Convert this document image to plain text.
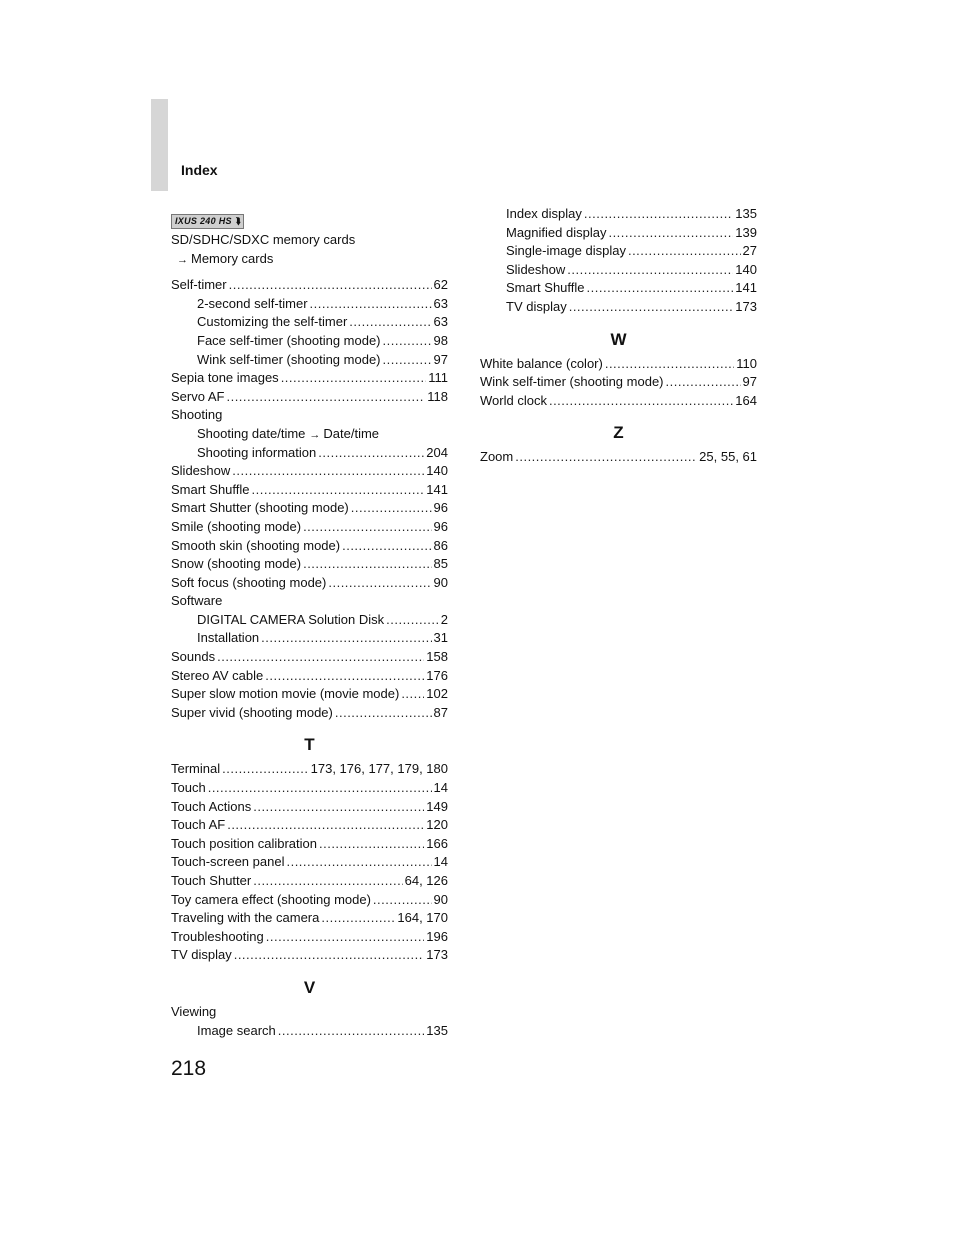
Index
IXUS 240 HS ⮯
SD/SDHC/SDXC memory cards
→ Memory cards
Self-timer .....	62
2-second self-timer .....	63
Customizing the self-timer .....	63
Face self-timer (shooting mode) .....	98
Wink self-timer (shooting mode) .....	97
Sepia tone images .....	111
Servo AF .....	118
Shooting
Shooting date/time → Date/time
Shooting information .....	204
Slideshow .....	140
Smart Shuffle .....	141
Smart Shutter (shooting mode) .....	96
Smile (shooting mode) .....	96
Smooth skin (shooting mode) .....	86
Snow (shooting mode) .....	85
Soft focus (shooting mode) .....	90
Software
DIGITAL CAMERA Solution Disk .....	2
Installation .....	31
Sounds .....	158
Stereo AV cable .....	176
Super slow motion movie (movie mode) ..... 102
Super vivid (shooting mode) .....	87
T
Terminal .....	173, 176, 177, 179, 180
Touch .....	14
Touch Actions .....	149
Touch AF .....	120
Touch position calibration .....	166
Touch-screen panel .....	14
Touch Shutter .....	64, 126
Toy camera effect (shooting mode) .....	90
Traveling with the camera .....	164, 170
Troubleshooting .....	196
TV display .....	173
V
Viewing
Image search .....	135
Index display .....	135
Magnified display .....	139
Single-image display .....	27
Slideshow .....	140
Smart Shuffle .....	141
TV display .....	173
W
White balance (color) .....	110
Wink self-timer (shooting mode) .....	97
World clock .....	164
Z
Zoom .....	25, 55, 61
218
